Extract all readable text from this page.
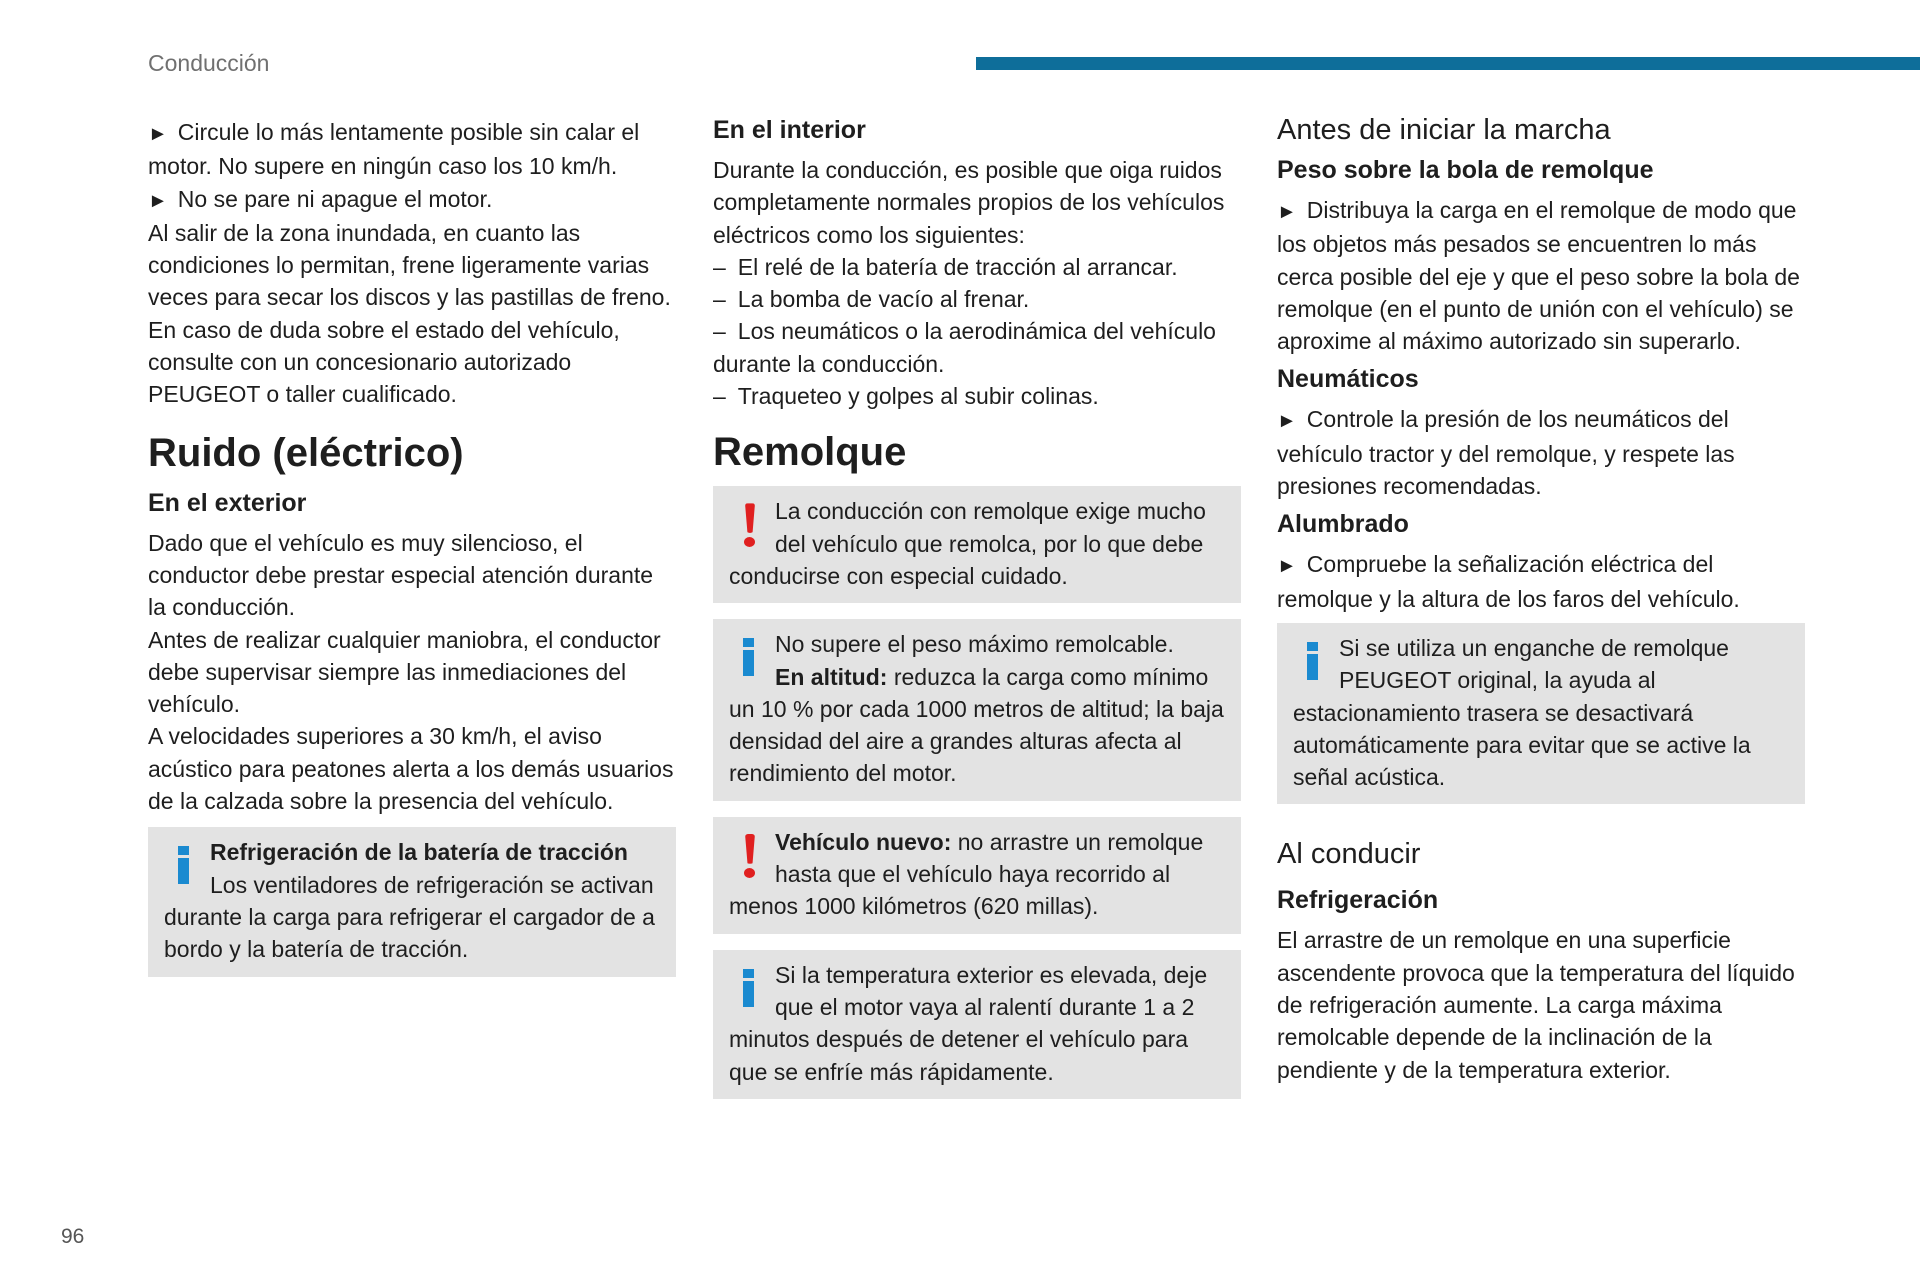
Conducción

► Circule lo más lentamente posible sin calar el motor. No supere en ningún caso los 10 km/h.

► No se pare ni apague el motor.

Al salir de la zona inundada, en cuanto las condiciones lo permitan, frene ligeramente varias veces para secar los discos y las pastillas de freno.

En caso de duda sobre el estado del vehículo, consulte con un concesionario autorizado PEUGEOT o taller cualificado.

Ruido (eléctrico)
En el exterior

Dado que el vehículo es muy silencioso, el conductor debe prestar especial atención durante la conducción.

Antes de realizar cualquier maniobra, el conductor debe supervisar siempre las inmediaciones del vehículo.

A velocidades superiores a 30 km/h, el aviso acústico para peatones alerta a los demás usuarios de la calzada sobre la presencia del vehículo.

Refrigeración de la batería de tracción
Los ventiladores de refrigeración se activan durante la carga para refrigerar el cargador de a bordo y la batería de tracción.

En el interior

Durante la conducción, es posible que oiga ruidos completamente normales propios de los vehículos eléctricos como los siguientes:

– El relé de la batería de tracción al arrancar.

– La bomba de vacío al frenar.

– Los neumáticos o la aerodinámica del vehículo durante la conducción.

– Traqueteo y golpes al subir colinas.

Remolque

La conducción con remolque exige mucho del vehículo que remolca, por lo que debe conducirse con especial cuidado.

No supere el peso máximo remolcable.
En altitud: reduzca la carga como mínimo un 10 % por cada 1000 metros de altitud; la baja densidad del aire a grandes alturas afecta al rendimiento del motor.

Vehículo nuevo: no arrastre un remolque hasta que el vehículo haya recorrido al menos 1000 kilómetros (620 millas).

Si la temperatura exterior es elevada, deje que el motor vaya al ralentí durante 1 a 2 minutos después de detener el vehículo para que se enfríe más rápidamente.

Antes de iniciar la marcha
Peso sobre la bola de remolque

► Distribuya la carga en el remolque de modo que los objetos más pesados se encuentren lo más cerca posible del eje y que el peso sobre la bola de remolque (en el punto de unión con el vehículo) se aproxime al máximo autorizado sin superarlo.

Neumáticos

► Controle la presión de los neumáticos del vehículo tractor y del remolque, y respete las presiones recomendadas.

Alumbrado

► Compruebe la señalización eléctrica del remolque y la altura de los faros del vehículo.

Si se utiliza un enganche de remolque PEUGEOT original, la ayuda al estacionamiento trasera se desactivará automáticamente para evitar que se active la señal acústica.

Al conducir
Refrigeración

El arrastre de un remolque en una superficie ascendente provoca que la temperatura del líquido de refrigeración aumente. La carga máxima remolcable depende de la inclinación de la pendiente y de la temperatura exterior.

96
